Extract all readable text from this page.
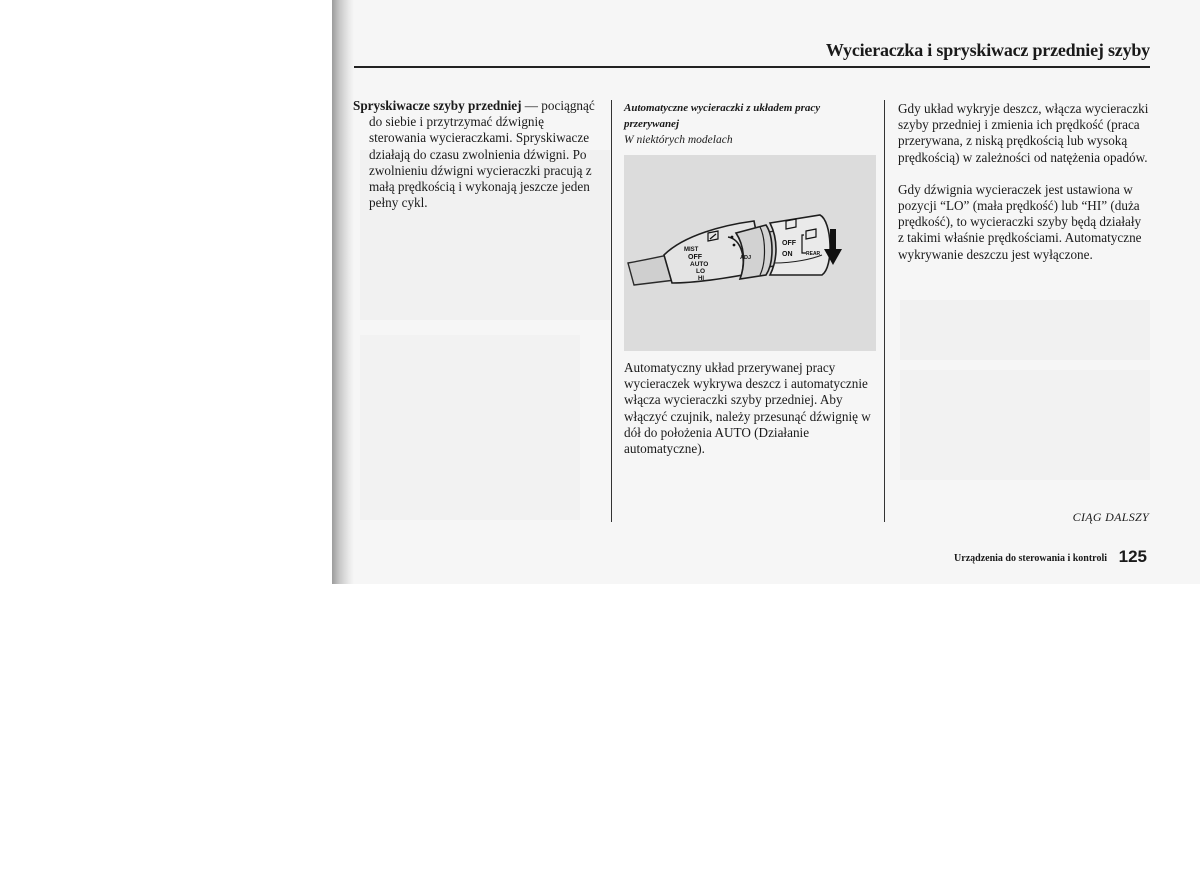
Wycieraczka i spryskiwacz przedniej szyby

Spryskiwacze szyby przedniej — pociągnąć do siebie i przytrzymać dźwignię sterowania wycieraczkami. Spryskiwacze działają do czasu zwolnienia dźwigni. Po zwolnieniu dźwigni wycieraczki pracują z małą prędkością i wykonają jeszcze jeden pełny cykl.

Automatyczne wycieraczki z układem pracy przerywanej

W niektórych modelach

MIST
OFF
AUTO
LO
HI
ADJ
OFF
ON	REAR
Automatyczny układ przerywanej pracy wycieraczek wykrywa deszcz i automatycznie włącza wycieraczki szyby przedniej. Aby włączyć czujnik, należy przesunąć dźwignię w dół do położenia AUTO (Działanie automatyczne).

Gdy układ wykryje deszcz, włącza wycieraczki szyby przedniej i zmienia ich prędkość (praca przerywana, z niską prędkością lub wysoką prędkością) w zależności od natężenia opadów.

Gdy dźwignia wycieraczek jest ustawiona w pozycji “LO” (mała prędkość) lub “HI” (duża prędkość), to wycieraczki szyby będą działały z takimi właśnie prędkościami. Automatyczne wykrywanie deszczu jest wyłączone.

CIĄG DALSZY

Urządzenia do sterowania i kontroli 125
